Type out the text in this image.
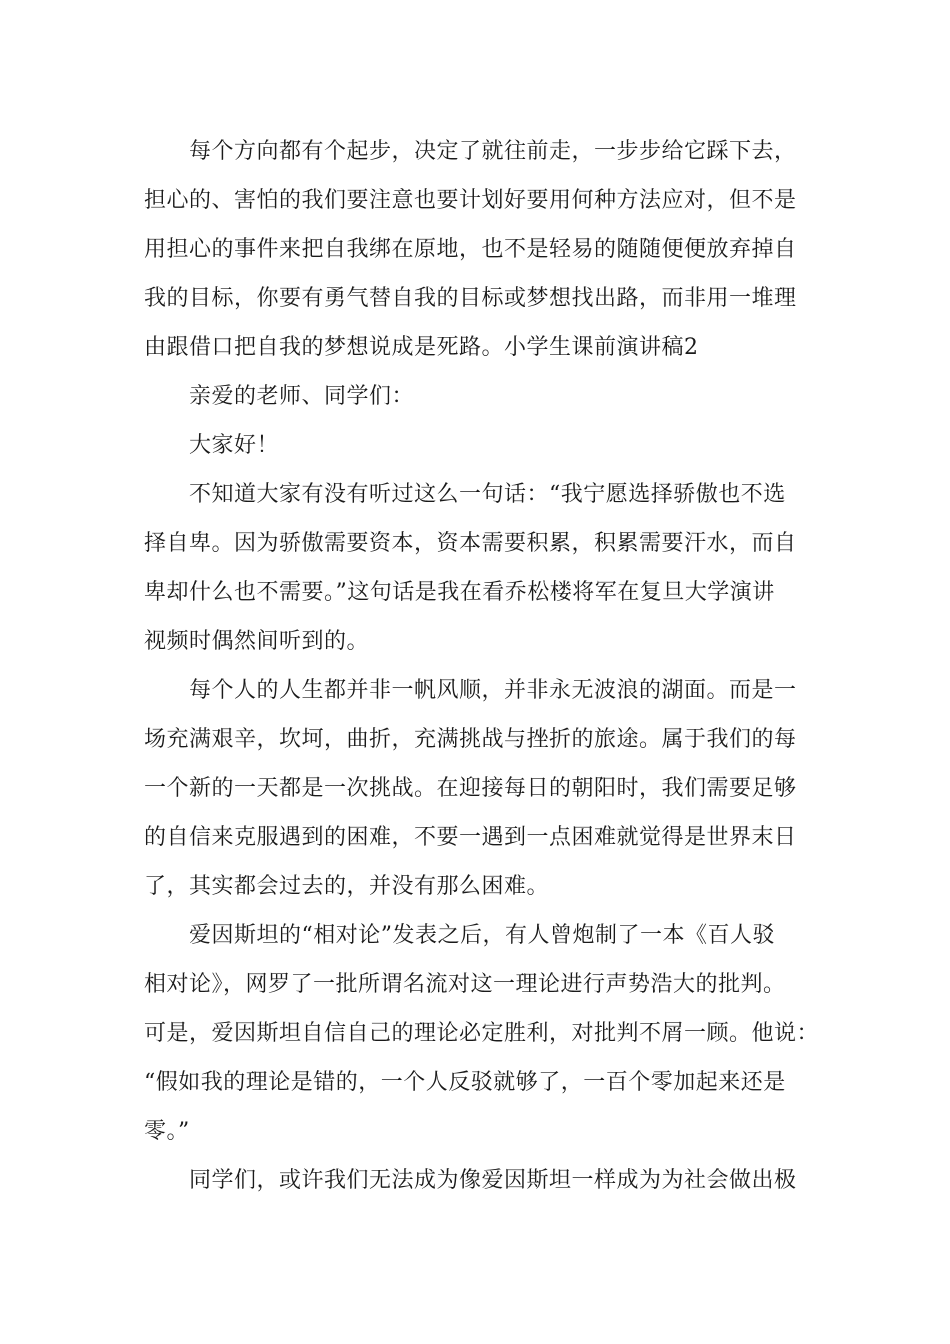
每个方向都有个起步，决定了就往前走，一步步给它踩下去，
担心的、害怕的我们要注意也要计划好要用何种方法应对，但不是
用担心的事件来把自我绑在原地，也不是轻易的随随便便放弃掉自
我的目标，你要有勇气替自我的目标或梦想找出路，而非用一堆理
由跟借口把自我的梦想说成是死路。小学生课前演讲稿2
亲爱的老师、同学们：
大家好！
不知道大家有没有听过这么一句话：“我宁愿选择骄傲也不选
择自卑。因为骄傲需要资本，资本需要积累，积累需要汗水，而自
卑却什么也不需要。”这句话是我在看乔松楼将军在复旦大学演讲
视频时偶然间听到的。
每个人的人生都并非一帆风顺，并非永无波浪的湖面。而是一
场充满艰辛，坎坷，曲折，充满挑战与挫折的旅途。属于我们的每
一个新的一天都是一次挑战。在迎接每日的朝阳时，我们需要足够
的自信来克服遇到的困难，不要一遇到一点困难就觉得是世界末日
了，其实都会过去的，并没有那么困难。
爱因斯坦的“相对论”发表之后，有人曾炮制了一本《百人驳
相对论》，网罗了一批所谓名流对这一理论进行声势浩大的批判。
可是，爱因斯坦自信自己的理论必定胜利，对批判不屑一顾。他说：
“假如我的理论是错的，一个人反驳就够了，一百个零加起来还是
零。”
同学们，或许我们无法成为像爱因斯坦一样成为为社会做出极
